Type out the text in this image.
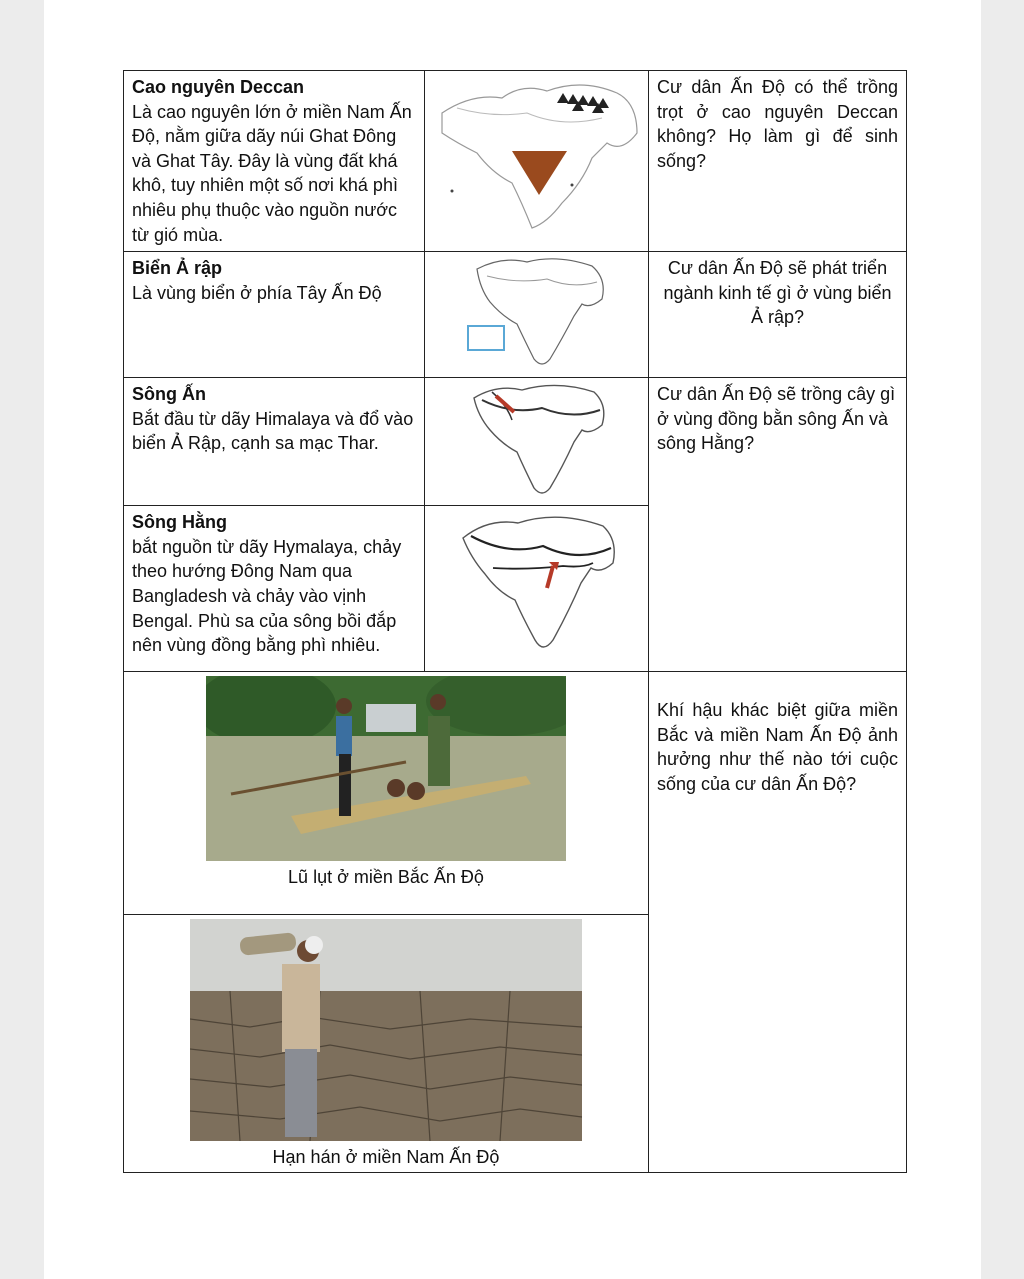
Cao nguyên Deccan
Là cao nguyên lớn ở miền Nam Ấn Độ, nằm giữa dãy núi Ghat Đông và Ghat Tây. Đây là vùng đất khá khô, tuy nhiên một số nơi khá phì nhiêu phụ thuộc vào nguồn nước từ gió mùa.		Cư dân Ấn Độ có thể trồng trọt ở cao nguyên Deccan không? Họ làm gì để sinh sống?

Biển Ả rập
Là vùng biển ở phía Tây Ấn Độ		Cư dân Ấn Độ sẽ phát triển ngành kinh tế gì ở vùng biển Ả rập?

Sông Ấn
Bắt đầu từ dãy Himalaya và đổ vào biển Ả Rập, cạnh sa mạc Thar.		Cư dân Ấn Độ sẽ trồng cây gì ở vùng đồng bằn sông Ấn và sông Hằng?

Sông Hằng
bắt nguồn từ dãy Hymalaya, chảy theo hướng Đông Nam qua Bangladesh và chảy vào vịnh Bengal. Phù sa của sông bồi đắp nên vùng đồng bằng phì nhiêu.	

Lũ lụt ở miền Bắc Ấn Độ		Khí hậu khác biệt giữa miền Bắc và miền Nam Ấn Độ ảnh hưởng như thế nào tới cuộc sống của cư dân Ấn Độ?

Hạn hán ở miền Nam Ấn Độ		
